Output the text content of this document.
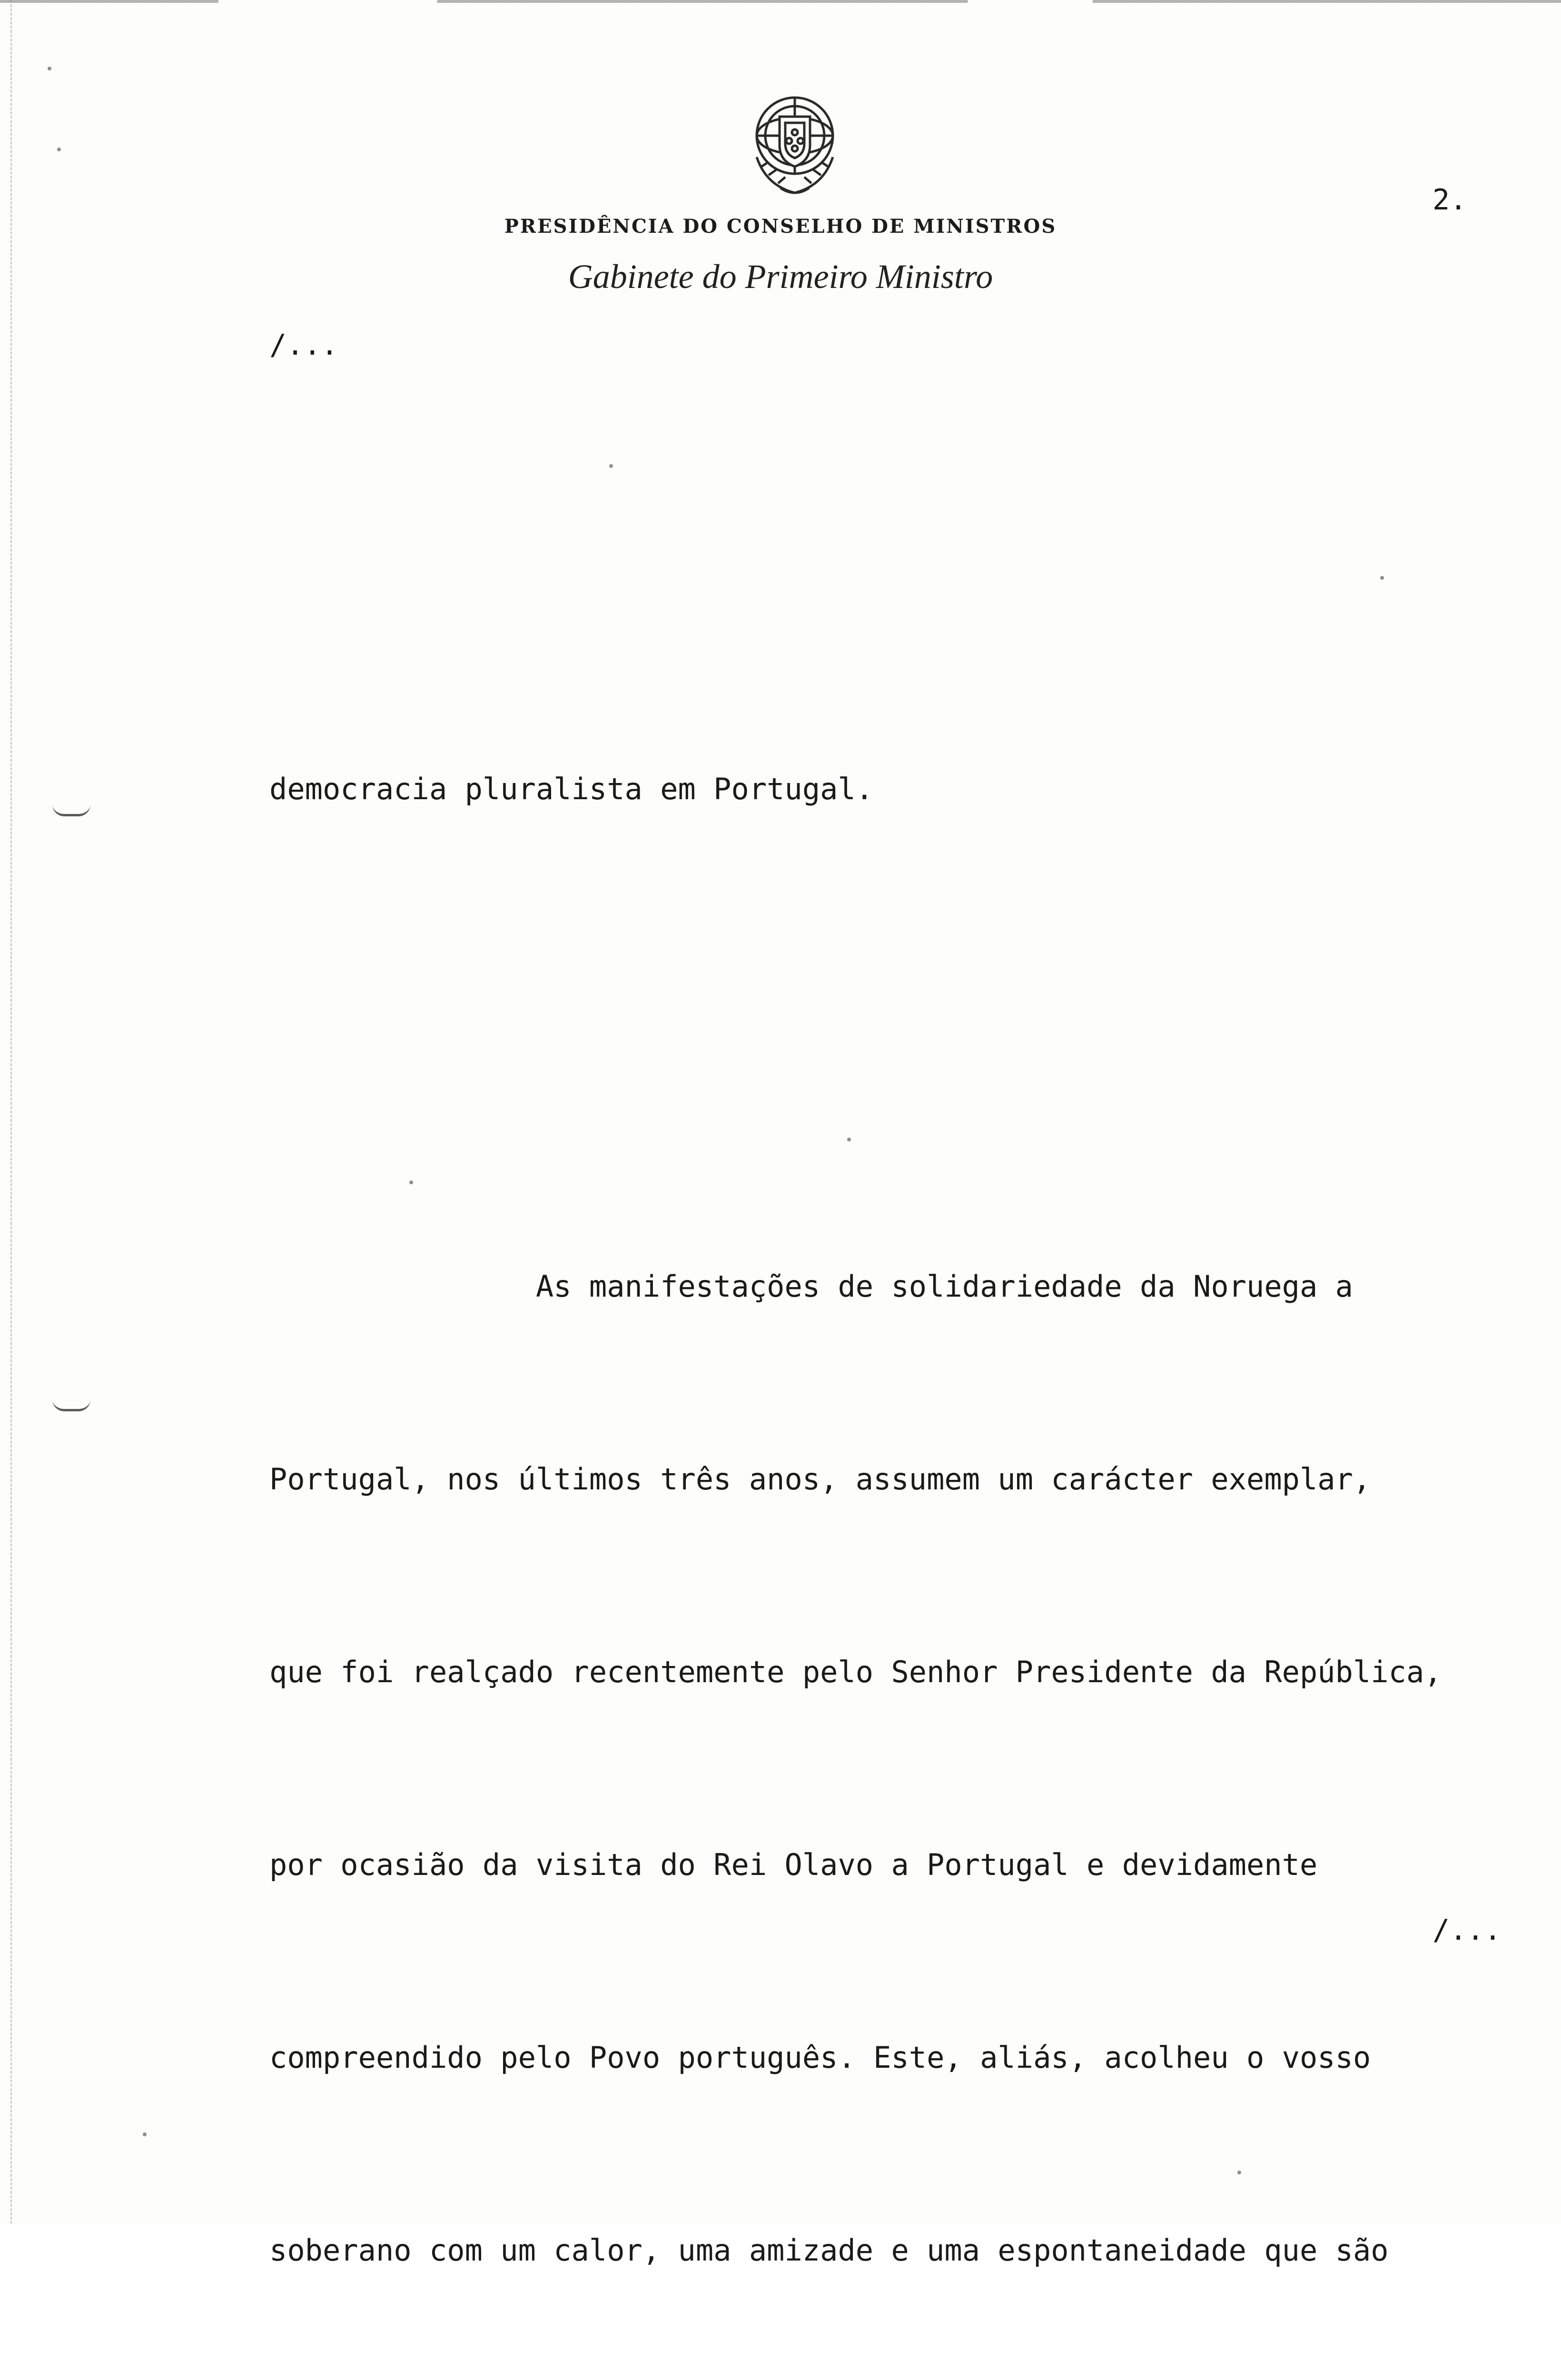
PRESIDÊNCIA DO CONSELHO DE MINISTROS
Gabinete do Primeiro Ministro
2.
/...

democracia pluralista em Portugal.

As manifestações de solidariedade da Noruega a

Portugal, nos últimos três anos, assumem um carácter exemplar,

que foi realçado recentemente pelo Senhor Presidente da República,

por ocasião da visita do Rei Olavo a Portugal e devidamente

compreendido pelo Povo português. Este, aliás, acolheu o vosso

soberano com um calor, uma amizade e uma espontaneidade que são

/...
